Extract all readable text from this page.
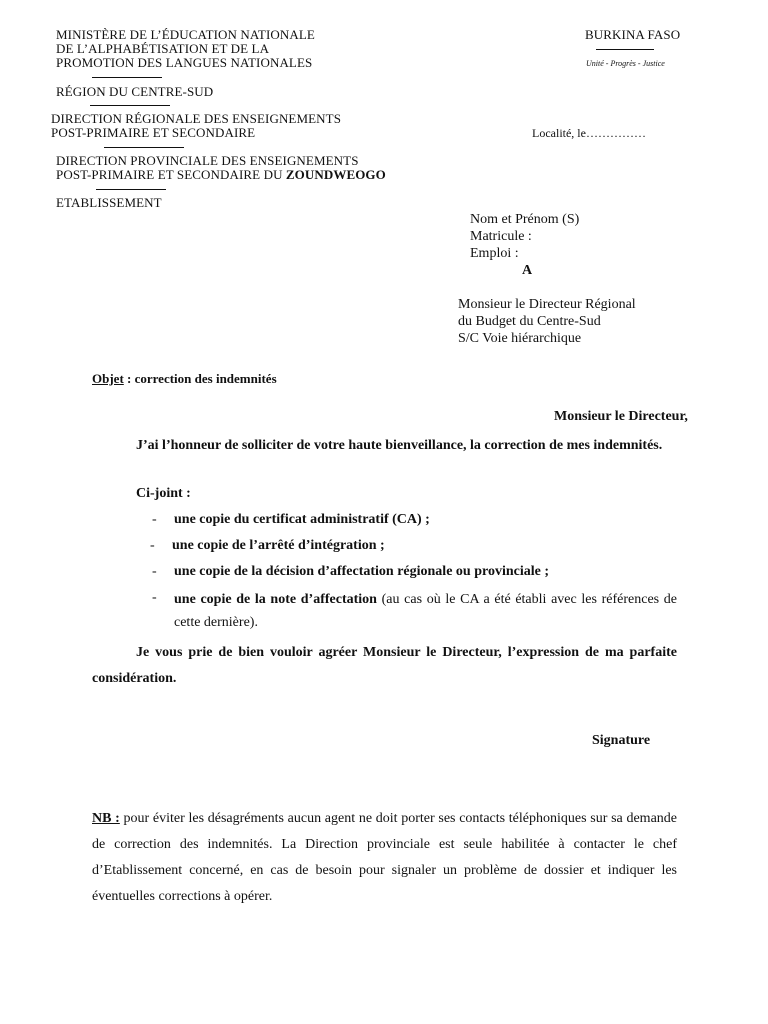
MINISTÈRE DE L’ÉDUCATION NATIONALE
DE L’ALPHABÉTISATION ET DE LA
PROMOTION DES LANGUES NATIONALES
RÉGION DU CENTRE-SUD
DIRECTION RÉGIONALE DES ENSEIGNEMENTS
POST-PRIMAIRE ET SECONDAIRE
DIRECTION PROVINCIALE DES ENSEIGNEMENTS
POST-PRIMAIRE ET SECONDAIRE DU ZOUNDWEOGO
ETABLISSEMENT
BURKINA FASO
Unité - Progrès - Justice
Localité, le……………
Nom et Prénom (S)
Matricule :
Emploi :
A
Monsieur le Directeur Régional
du Budget du Centre-Sud
S/C Voie hiérarchique
Objet : correction des indemnités
Monsieur le Directeur,
J’ai l’honneur de solliciter de votre haute bienveillance, la correction de mes indemnités.
Ci-joint :
- une copie du certificat administratif (CA) ;
- une copie de l’arrêté d’intégration ;
- une copie de la décision d’affectation régionale ou provinciale ;
- une copie de la note d’affectation (au cas où le CA a été établi avec les références de cette dernière).
Je vous prie de bien vouloir agréer Monsieur le Directeur, l’expression de ma parfaite considération.
Signature
NB : pour éviter les désagréments aucun agent ne doit porter ses contacts téléphoniques sur sa demande de correction des indemnités. La Direction provinciale est seule habilitée à contacter le chef d’Etablissement concerné, en cas de besoin pour signaler un problème de dossier et indiquer les éventuelles corrections à opérer.
